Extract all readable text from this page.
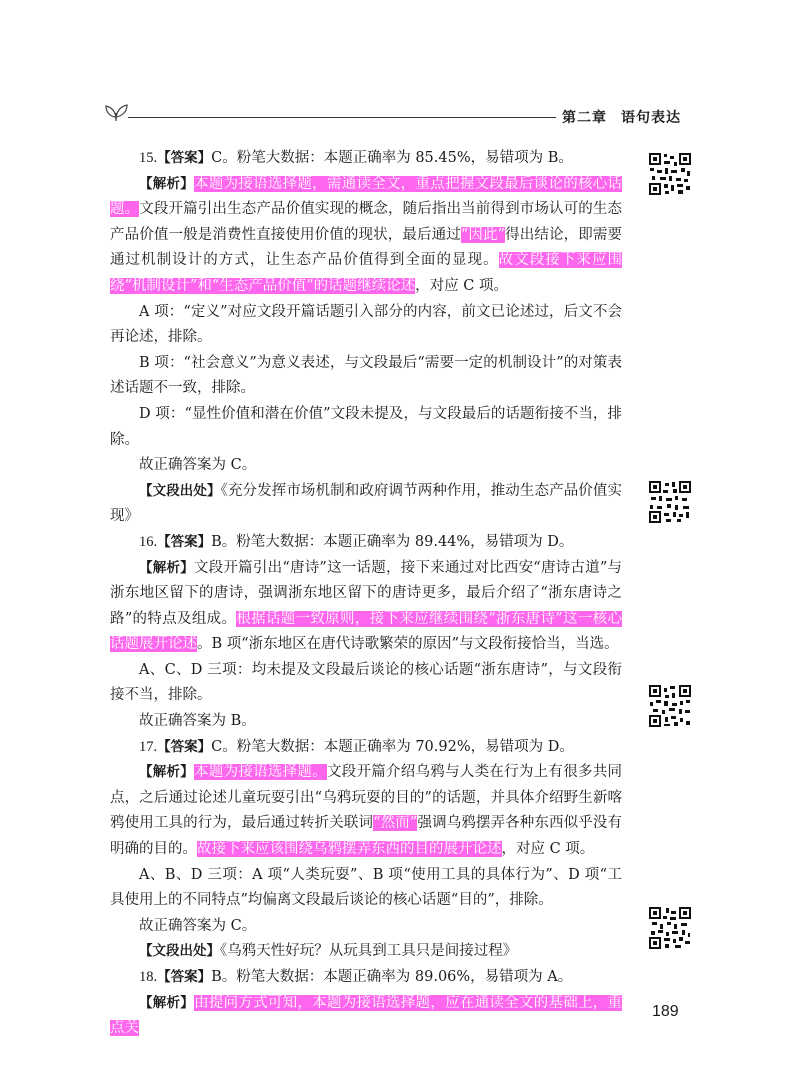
第二章 语句表达

15.【答案】C。粉笔大数据：本题正确率为 85.45%，易错项为 B。

【解析】本题为接语选择题，需通读全文，重点把握文段最后谈论的核心话题。文段开篇引出生态产品价值实现的概念，随后指出当前得到市场认可的生态产品价值一般是消费性直接使用价值的现状，最后通过“因此”得出结论，即需要通过机制设计的方式，让生态产品价值得到全面的显现。故文段接下来应围绕“机制设计”和“生态产品价值”的话题继续论述，对应 C 项。

A 项：“定义”对应文段开篇话题引入部分的内容，前文已论述过，后文不会再论述，排除。

B 项：“社会意义”为意义表述，与文段最后“需要一定的机制设计”的对策表述话题不一致，排除。

D 项：“显性价值和潜在价值”文段未提及，与文段最后的话题衔接不当，排除。

故正确答案为 C。

【文段出处】《充分发挥市场机制和政府调节两种作用，推动生态产品价值实现》

16.【答案】B。粉笔大数据：本题正确率为 89.44%，易错项为 D。

【解析】文段开篇引出“唐诗”这一话题，接下来通过对比西安“唐诗古道”与浙东地区留下的唐诗，强调浙东地区留下的唐诗更多，最后介绍了“浙东唐诗之路”的特点及组成。根据话题一致原则，接下来应继续围绕“浙东唐诗”这一核心话题展开论述。B 项“浙东地区在唐代诗歌繁荣的原因”与文段衔接恰当，当选。

A、C、D 三项：均未提及文段最后谈论的核心话题“浙东唐诗”，与文段衔接不当，排除。

故正确答案为 B。

17.【答案】C。粉笔大数据：本题正确率为 70.92%，易错项为 D。

【解析】本题为接语选择题。文段开篇介绍乌鸦与人类在行为上有很多共同点，之后通过论述儿童玩耍引出“乌鸦玩耍的目的”的话题，并具体介绍野生新喀鸦使用工具的行为，最后通过转折关联词“然而”强调乌鸦摆弄各种东西似乎没有明确的目的。故接下来应该围绕乌鸦摆弄东西的目的展开论述，对应 C 项。

A、B、D 三项：A 项“人类玩耍”、B 项“使用工具的具体行为”、D 项“工具使用上的不同特点”均偏离文段最后谈论的核心话题“目的”，排除。

故正确答案为 C。

【文段出处】《乌鸦天性好玩？从玩具到工具只是间接过程》

18.【答案】B。粉笔大数据：本题正确率为 89.06%，易错项为 A。

【解析】由提问方式可知，本题为接语选择题，应在通读全文的基础上，重点关

189
